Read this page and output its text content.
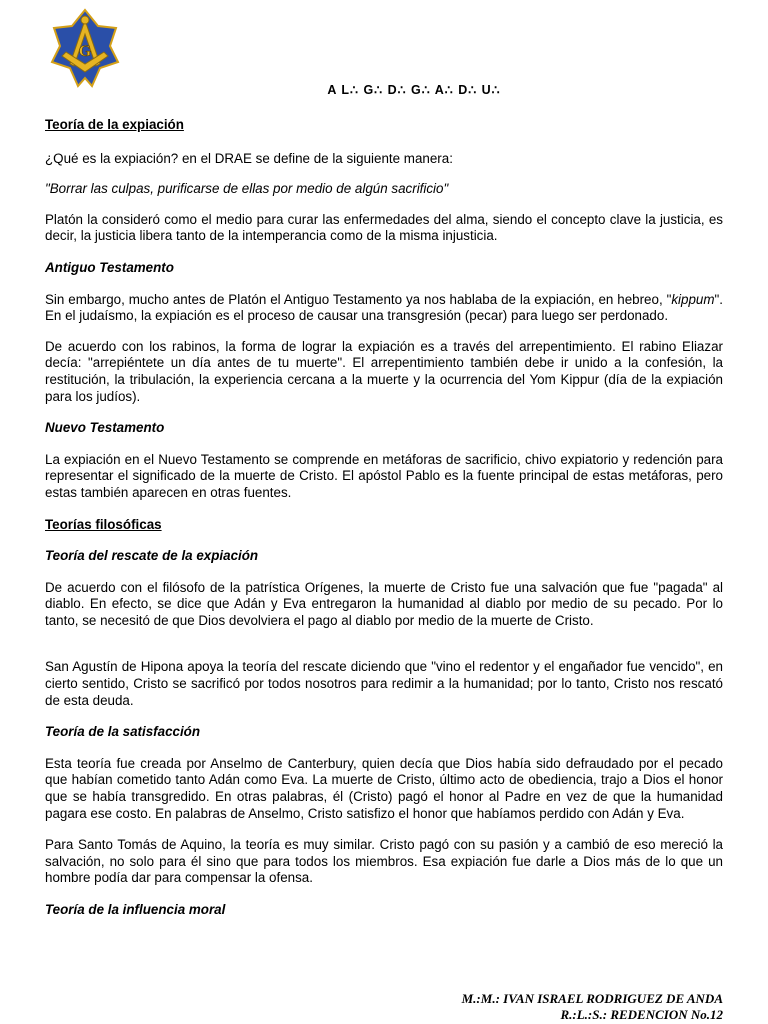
G
A L∴ G∴ D∴ G∴ A∴ D∴ U∴

Teoría de la expiación

¿Qué es la expiación? en el DRAE se define de la siguiente manera:

"Borrar las culpas, purificarse de ellas por medio de algún sacrificio"

Platón la consideró como el medio para curar las enfermedades del alma, siendo el concepto clave la justicia, es decir, la justicia libera tanto de la intemperancia como de la misma injusticia.

Antiguo Testamento

Sin embargo, mucho antes de Platón el Antiguo Testamento ya nos hablaba de la expiación, en hebreo, "kippum". En el judaísmo, la expiación es el proceso de causar una transgresión (pecar) para luego ser perdonado.

De acuerdo con los rabinos, la forma de lograr la expiación es a través del arrepentimiento. El rabino Eliazar decía: "arrepiéntete un día antes de tu muerte". El arrepentimiento también debe ir unido a la confesión, la restitución, la tribulación, la experiencia cercana a la muerte y la ocurrencia del Yom Kippur (día de la expiación para los judíos).

Nuevo Testamento

La expiación en el Nuevo Testamento se comprende en metáforas de sacrificio, chivo expiatorio y redención para representar el significado de la muerte de Cristo. El apóstol Pablo es la fuente principal de estas metáforas, pero estas también aparecen en otras fuentes.

Teorías filosóficas

Teoría del rescate de la expiación

De acuerdo con el filósofo de la patrística Orígenes, la muerte de Cristo fue una salvación que fue "pagada" al diablo. En efecto, se dice que Adán y Eva entregaron la humanidad al diablo por medio de su pecado. Por lo tanto, se necesitó de que Dios devolviera el pago al diablo por medio de la muerte de Cristo.

San Agustín de Hipona apoya la teoría del rescate diciendo que "vino el redentor y el engañador fue vencido", en cierto sentido, Cristo se sacrificó por todos nosotros para redimir a la humanidad; por lo tanto, Cristo nos rescató de esta deuda.

Teoría de la satisfacción

Esta teoría fue creada por Anselmo de Canterbury, quien decía que Dios había sido defraudado por el pecado que habían cometido tanto Adán como Eva. La muerte de Cristo, último acto de obediencia, trajo a Dios el honor que se había transgredido. En otras palabras, él (Cristo) pagó el honor al Padre en vez de que la humanidad pagara ese costo. En palabras de Anselmo, Cristo satisfizo el honor que habíamos perdido con Adán y Eva.

Para Santo Tomás de Aquino, la teoría es muy similar. Cristo pagó con su pasión y a cambió de eso mereció la salvación, no solo para él sino que para todos los miembros. Esa expiación fue darle a Dios más de lo que un hombre podía dar para compensar la ofensa.

Teoría de la influencia moral

M.:M.: IVAN ISRAEL RODRIGUEZ DE ANDA
R.:L.:S.: REDENCION No.12
